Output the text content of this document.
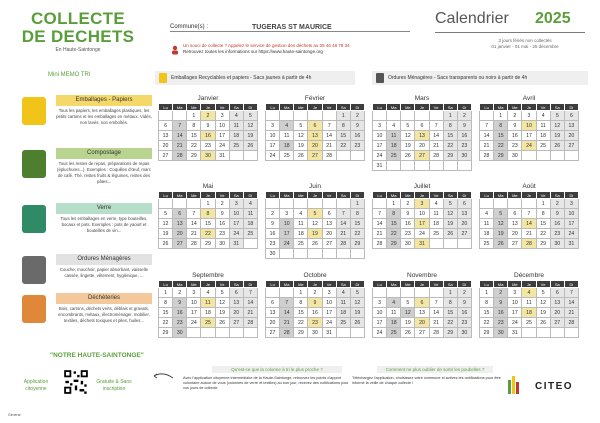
COLLECTE
DE DECHETS
En Haute-Saintonge
Commune(s) :	TUGERAS ST MAURICE
Un souci de collecte ? Appelez le service de gestion des déchets au 05 46 48 78 34
Retrouvez toutes les informations sur https://www.haute-saintonge.org
Calendrier 2025
3 jours fériés non collectés
01 janvier - 01 mai - 25 décembre
Mini MEMO TRI
Emballages - Papiers
Tous les papiers, les emballages plastiques, les petits cartons et les emballages en métaux. Vidés, non lavés, non emboîtés.
Compostage
Tous les restes de repas, préparations de repas (épluchures...). Exemples : Coquilles d'œuf, marc de café. Thé, restes fruits & légumes, restes des pâtes...
Verre
Tous les emballages en verre, type bouteilles, bocaux et pots. Exemples : pots de yaourt et bouteilles de vin...
Ordures Ménagères
Couche, mouchoir, papier absorbant, vaisselle cassée, lingette, vêtement, hygiénique, ...
Déchèteries
Bois, cartons, déchets verts, déblais et gravats, encombrants, métaux, électroménager, mobilier, textiles, déchets toxiques et piles, huiles...
Emballages Recyclables et papiers - Sacs jaunes à partir de 4h	Ordures Ménagères - Sacs transparents ou noirs à partir de 4h
Janvier
Lu	Ma	Me	Je	Ve	Sa	Di
		1	2	3	4	5
6	7	8	9	10	11	12
13	14	15	16	17	18	19
20	21	22	23	24	25	26
27	28	29	30	31		
Février
Lu	Ma	Me	Je	Ve	Sa	Di
					1	2
3	4	5	6	7	8	9
10	11	12	13	14	15	16
17	18	19	20	21	22	23
24	25	26	27	28		
Mars
Lu	Ma	Me	Je	Ve	Sa	Di
					1	2
3	4	5	6	7	8	9
10	11	12	13	14	15	16
17	18	19	20	21	22	23
24	25	26	27	28	29	30
31						
Avril
Lu	Ma	Me	Je	Ve	Sa	Di
	1	2	3	4	5	6
7	8	9	10	11	12	13
14	15	16	17	18	19	20
21	22	23	24	25	26	27
28	29	30				
Mai
Lu	Ma	Me	Je	Ve	Sa	Di
			1	2	3	4
5	6	7	8	9	10	11
12	13	14	15	16	17	18
19	20	21	22	23	24	25
26	27	28	29	30	31	
Juin
Lu	Ma	Me	Je	Ve	Sa	Di
						1
2	3	4	5	6	7	8
9	10	11	12	13	14	15
16	17	18	19	20	21	22
23	24	25	26	27	28	29
30						
Juillet
Lu	Ma	Me	Je	Ve	Sa	Di
	1	2	3	4	5	6
7	8	9	10	11	12	13
14	15	16	17	18	19	20
21	22	23	24	25	26	27
28	29	30	31			
Août
Lu	Ma	Me	Je	Ve	Sa	Di
				1	2	3
4	5	6	7	8	9	10
11	12	13	14	15	16	17
18	19	20	21	22	23	24
25	26	27	28	29	30	31
Septembre
Lu	Ma	Me	Je	Ve	Sa	Di
1	2	3	4	5	6	7
8	9	10	11	12	13	14
15	16	17	18	19	20	21
22	23	24	25	26	27	28
29	30					
Octobre
Lu	Ma	Me	Je	Ve	Sa	Di
		1	2	3	4	5
6	7	8	9	10	11	12
13	14	15	16	17	18	19
20	21	22	23	24	25	26
27	28	29	30	31		
Novembre
Lu	Ma	Me	Je	Ve	Sa	Di
					1	2
3	4	5	6	7	8	9
10	11	12	13	14	15	16
17	18	19	20	21	22	23
24	25	26	27	28	29	30
Décembre
Lu	Ma	Me	Je	Ve	Sa	Di
1	2	3	4	5	6	7
8	9	10	11	12	13	14
15	16	17	18	19	20	21
22	23	24	25	26	27	28
29	30	31				
"NOTRE HAUTE-SAINTONGE"
Application citoyenne
Gratuite & Sans inscription
Qu'est-ce que la colonne à tri le plus proche ?
Avec l'application citoyenne intermédiaire de la Haute-Saintonge, retrouvez les points d'apport volontaire autour de vous (colonnes de verre et textiles) au bon jour, recevez des notifications pour vos jours de collecte.
Comment ne plus oublier de sortir les poubelles ?
Téléchargez l'application, choisissez votre commune et activez les notifications pour être informé la veille de chaque collecte !	CITEO
Général
